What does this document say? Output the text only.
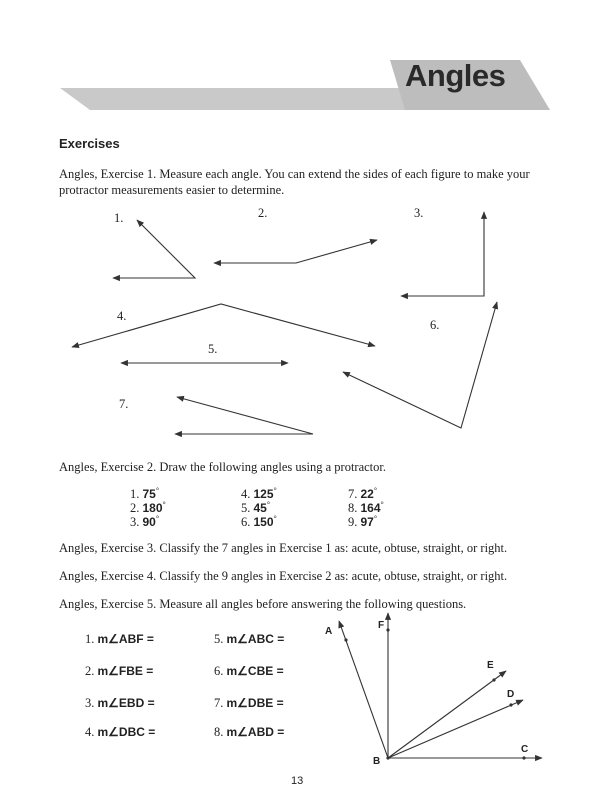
Angles
Exercises
Angles, Exercise 1. Measure each angle. You can extend the sides of each figure to make your protractor measurements easier to determine.
1.	2.	3.
4.
5.
6.
7.
Angles, Exercise 2. Draw the following angles using a protractor.
1. 75°
2. 180°
3. 90°
4. 125°
5. 45°
6. 150°
7. 22°
8. 164°
9. 97°
Angles, Exercise 3. Classify the 7 angles in Exercise 1 as: acute, obtuse, straight, or right.
Angles, Exercise 4. Classify the 9 angles in Exercise 2 as: acute, obtuse, straight, or right.
Angles, Exercise 5. Measure all angles before answering the following questions.
1. m∠ABF =
2. m∠FBE =
3. m∠EBD =
4. m∠DBC =
5. m∠ABC =
6. m∠CBE =
7. m∠DBE =
8. m∠ABD =
A
F
E
D
C
B
13
